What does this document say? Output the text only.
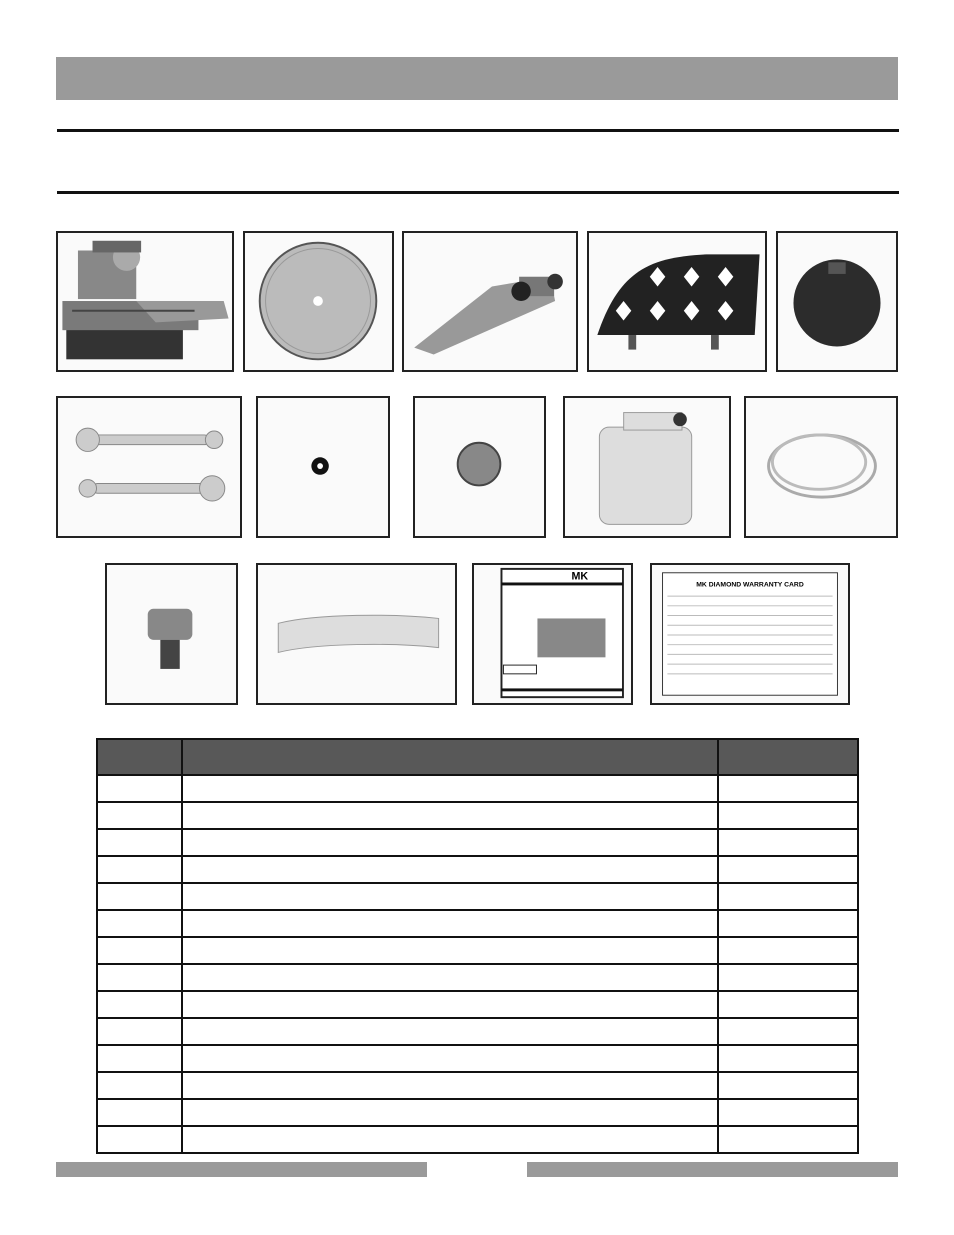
MK
MK DIAMOND WARRANTY CARD
